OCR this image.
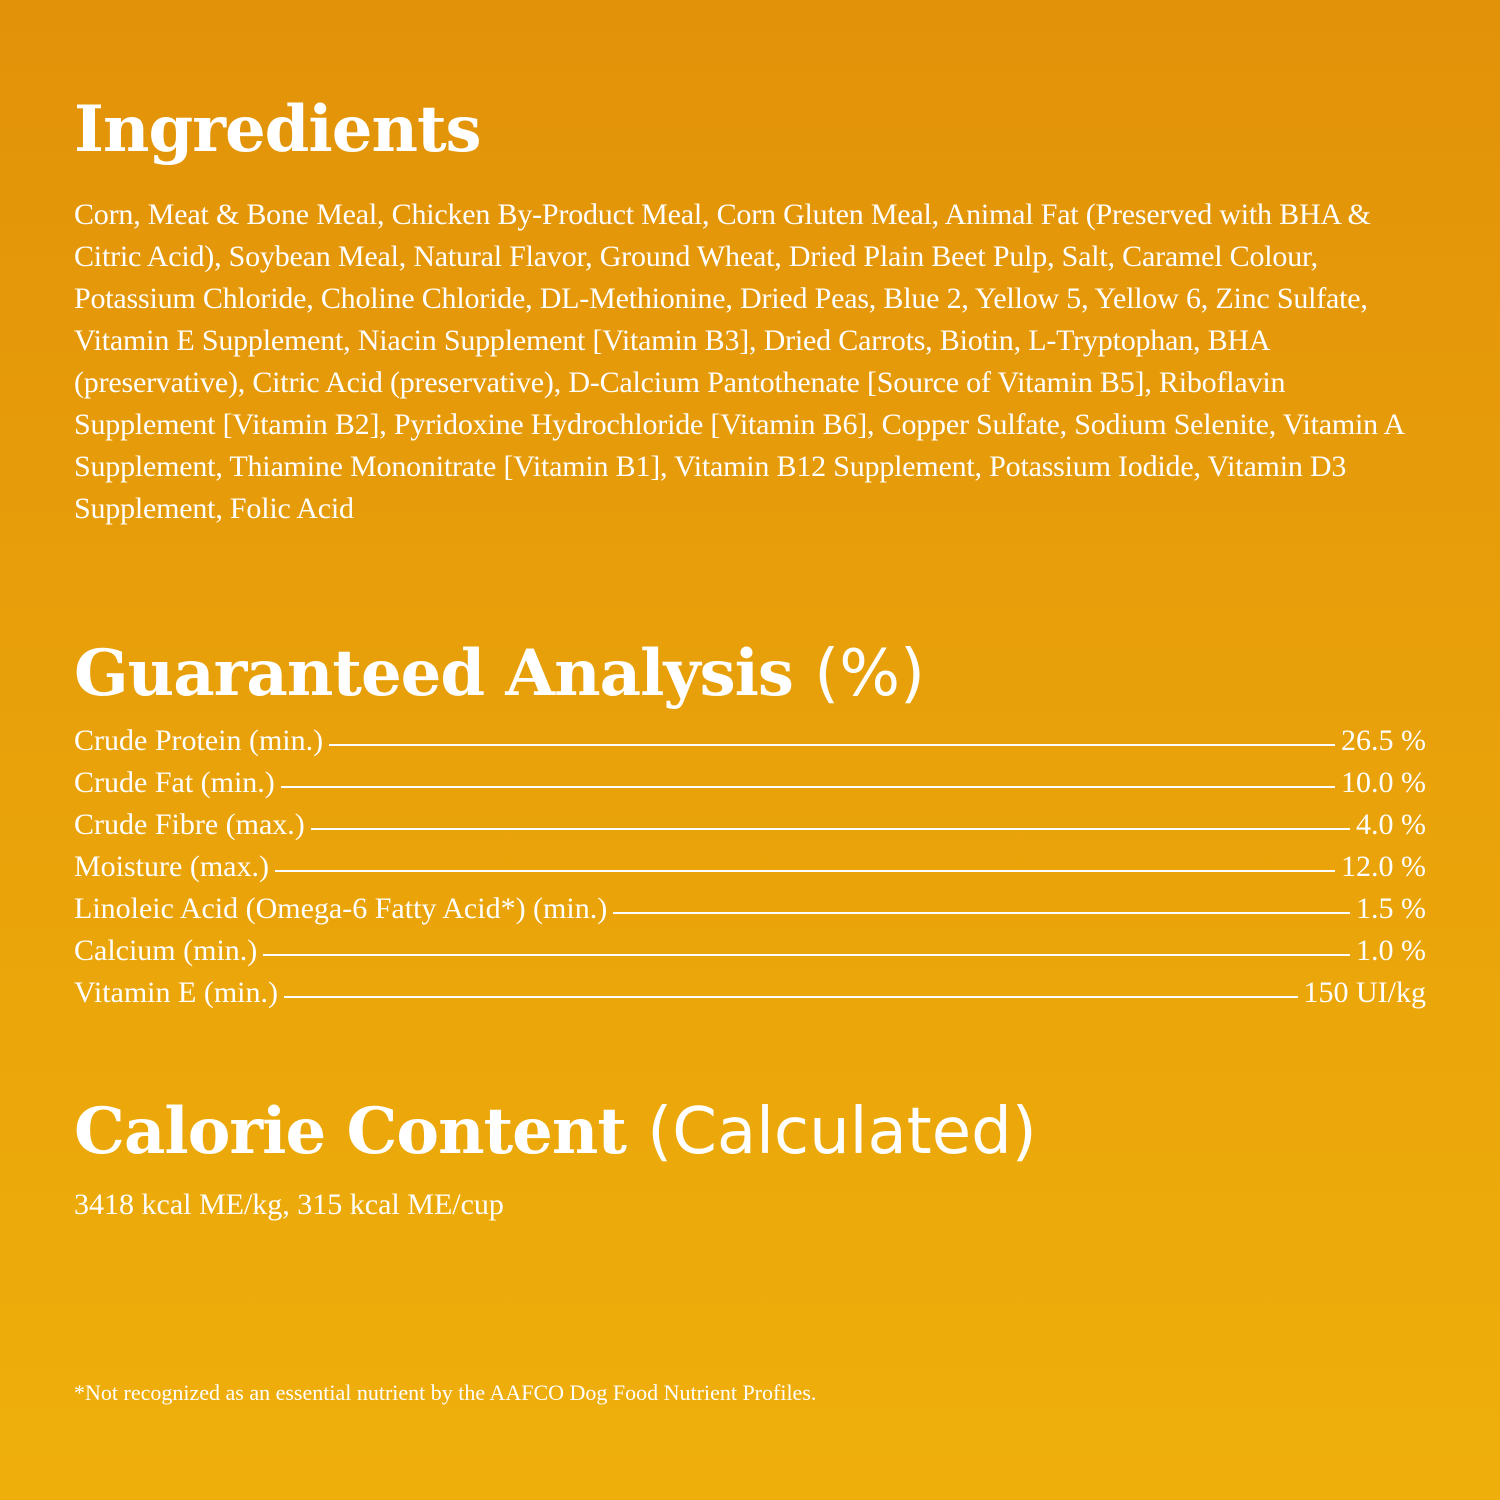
Ingredients

Corn, Meat & Bone Meal, Chicken By-Product Meal, Corn Gluten Meal, Animal Fat (Preserved with BHA & Citric Acid), Soybean Meal, Natural Flavor, Ground Wheat, Dried Plain Beet Pulp, Salt, Caramel Colour, Potassium Chloride, Choline Chloride, DL-Methionine, Dried Peas, Blue 2, Yellow 5, Yellow 6, Zinc Sulfate, Vitamin E Supplement, Niacin Supplement [Vitamin B3], Dried Carrots, Biotin, L-Tryptophan, BHA (preservative), Citric Acid (preservative), D-Calcium Pantothenate [Source of Vitamin B5], Riboflavin Supplement [Vitamin B2], Pyridoxine Hydrochloride [Vitamin B6], Copper Sulfate, Sodium Selenite, Vitamin A Supplement, Thiamine Mononitrate [Vitamin B1], Vitamin B12 Supplement, Potassium Iodide, Vitamin D3 Supplement, Folic Acid

Guaranteed Analysis (%)
Crude Protein (min.)	26.5 %
Crude Fat (min.)	10.0 %
Crude Fibre (max.)	4.0 %
Moisture (max.)	12.0 %
Linoleic Acid (Omega-6 Fatty Acid*) (min.)	1.5 %
Calcium (min.)	1.0 %
Vitamin E (min.)	150 UI/kg
Calorie Content (Calculated)

3418 kcal ME/kg, 315 kcal ME/cup

*Not recognized as an essential nutrient by the AAFCO Dog Food Nutrient Profiles.
